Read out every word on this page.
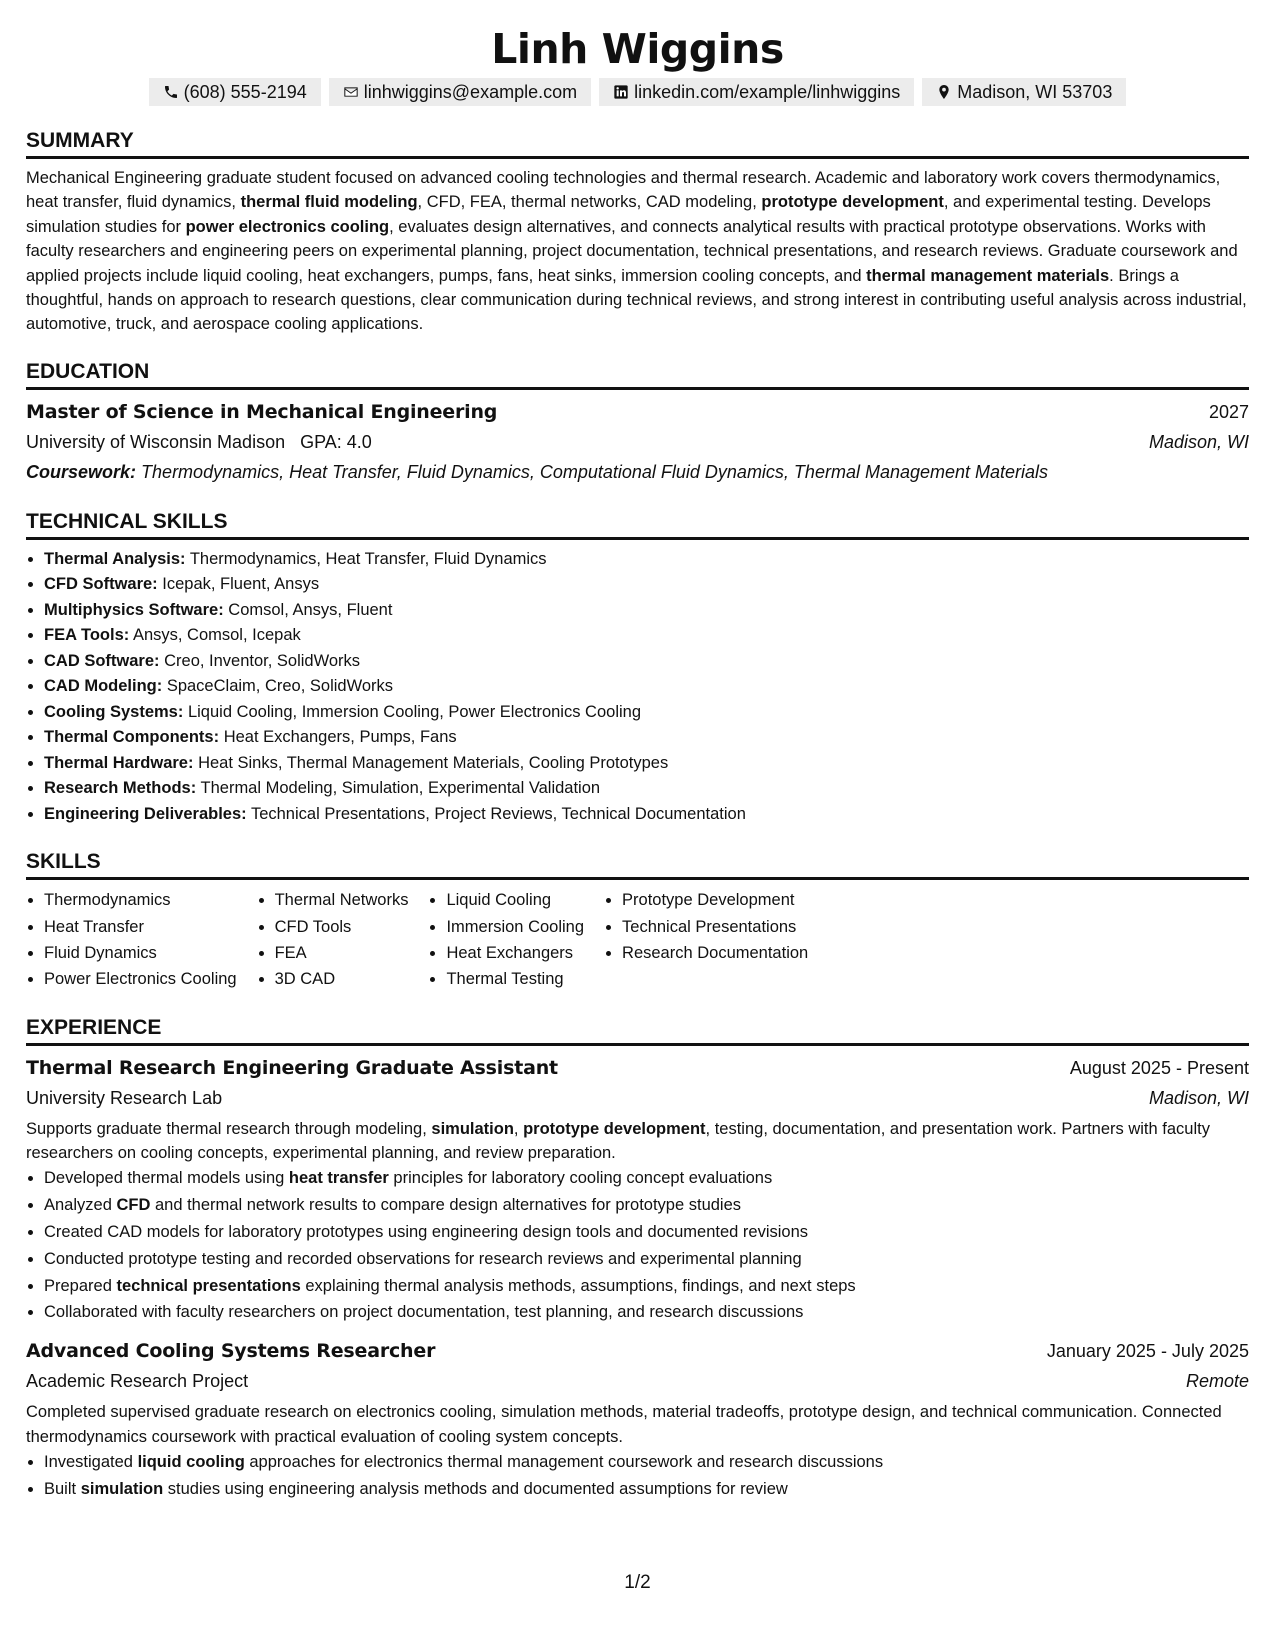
Linh Wiggins
(608) 555-2194	linhwiggins@example.com	linkedin.com/example/linhwiggins	Madison, WI 53703
SUMMARY

Mechanical Engineering graduate student focused on advanced cooling technologies and thermal research. Academic and laboratory work covers thermodynamics, heat transfer, fluid dynamics, thermal fluid modeling, CFD, FEA, thermal networks, CAD modeling, prototype development, and experimental testing. Develops simulation studies for power electronics cooling, evaluates design alternatives, and connects analytical results with practical prototype observations. Works with faculty researchers and engineering peers on experimental planning, project documentation, technical presentations, and research reviews. Graduate coursework and applied projects include liquid cooling, heat exchangers, pumps, fans, heat sinks, immersion cooling concepts, and thermal management materials. Brings a thoughtful, hands on approach to research questions, clear communication during technical reviews, and strong interest in contributing useful analysis across industrial, automotive, truck, and aerospace cooling applications.

EDUCATION
Master of Science in Mechanical Engineering	2027
University of Wisconsin Madison GPA: 4.0	Madison, WI
Coursework: Thermodynamics, Heat Transfer, Fluid Dynamics, Computational Fluid Dynamics, Thermal Management Materials
TECHNICAL SKILLS
• Thermal Analysis: Thermodynamics, Heat Transfer, Fluid Dynamics
• CFD Software: Icepak, Fluent, Ansys
• Multiphysics Software: Comsol, Ansys, Fluent
• FEA Tools: Ansys, Comsol, Icepak
• CAD Software: Creo, Inventor, SolidWorks
• CAD Modeling: SpaceClaim, Creo, SolidWorks
• Cooling Systems: Liquid Cooling, Immersion Cooling, Power Electronics Cooling
• Thermal Components: Heat Exchangers, Pumps, Fans
• Thermal Hardware: Heat Sinks, Thermal Management Materials, Cooling Prototypes
• Research Methods: Thermal Modeling, Simulation, Experimental Validation
• Engineering Deliverables: Technical Presentations, Project Reviews, Technical Documentation
SKILLS
• Thermodynamics
• Heat Transfer
• Fluid Dynamics
• Power Electronics Cooling
• Thermal Networks
• CFD Tools
• FEA
• 3D CAD
• Liquid Cooling
• Immersion Cooling
• Heat Exchangers
• Thermal Testing
• Prototype Development
• Technical Presentations
• Research Documentation
EXPERIENCE
Thermal Research Engineering Graduate Assistant	August 2025 - Present
University Research Lab	Madison, WI

Supports graduate thermal research through modeling, simulation, prototype development, testing, documentation, and presentation work. Partners with faculty researchers on cooling concepts, experimental planning, and review preparation.

• Developed thermal models using heat transfer principles for laboratory cooling concept evaluations
• Analyzed CFD and thermal network results to compare design alternatives for prototype studies
• Created CAD models for laboratory prototypes using engineering design tools and documented revisions
• Conducted prototype testing and recorded observations for research reviews and experimental planning
• Prepared technical presentations explaining thermal analysis methods, assumptions, findings, and next steps
• Collaborated with faculty researchers on project documentation, test planning, and research discussions
Advanced Cooling Systems Researcher	January 2025 - July 2025
Academic Research Project	Remote

Completed supervised graduate research on electronics cooling, simulation methods, material tradeoffs, prototype design, and technical communication. Connected thermodynamics coursework with practical evaluation of cooling system concepts.

• Investigated liquid cooling approaches for electronics thermal management coursework and research discussions
• Built simulation studies using engineering analysis methods and documented assumptions for review
1/2
